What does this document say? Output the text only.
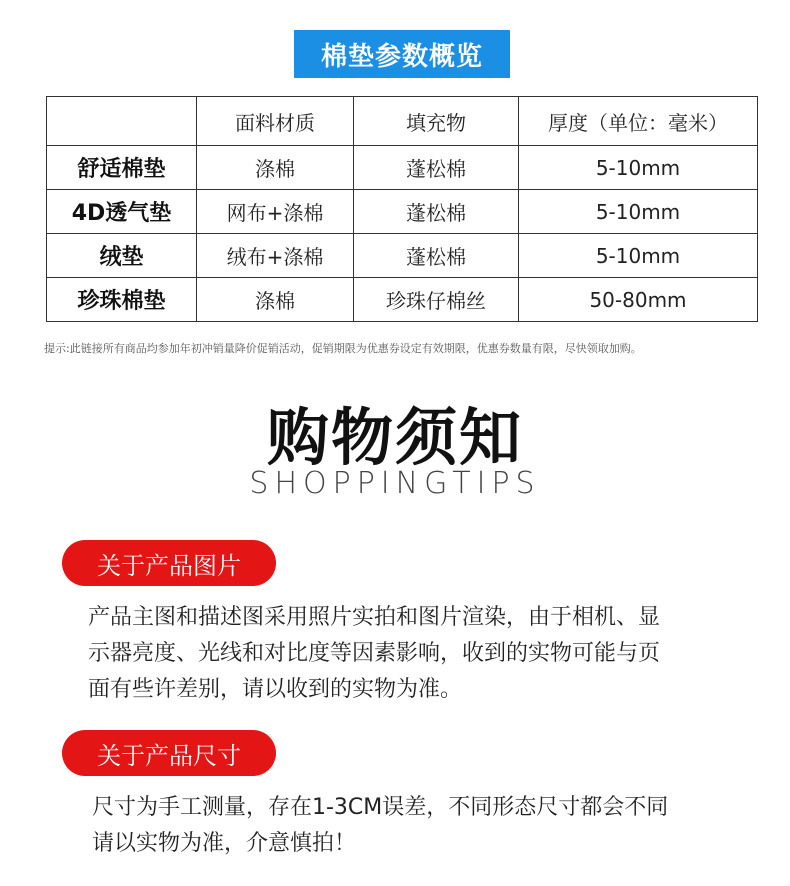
棉垫参数概览
	面料材质	填充物	厚度（单位：毫米）
舒适棉垫	涤棉	蓬松棉	5-10mm
4D透气垫	网布+涤棉	蓬松棉	5-10mm
绒垫	绒布+涤棉	蓬松棉	5-10mm
珍珠棉垫	涤棉	珍珠仔棉丝	50-80mm
提示:此链接所有商品均参加年初冲销量降价促销活动，促销期限为优惠券设定有效期限，优惠券数量有限，尽快领取加购。
购物须知
SHOPPINGTIPS
关于产品图片
产品主图和描述图采用照片实拍和图片渲染，由于相机、显
示器亮度、光线和对比度等因素影响，收到的实物可能与页
面有些许差别，请以收到的实物为准。
关于产品尺寸
尺寸为手工测量，存在1-3CM误差，不同形态尺寸都会不同
请以实物为准，介意慎拍！
